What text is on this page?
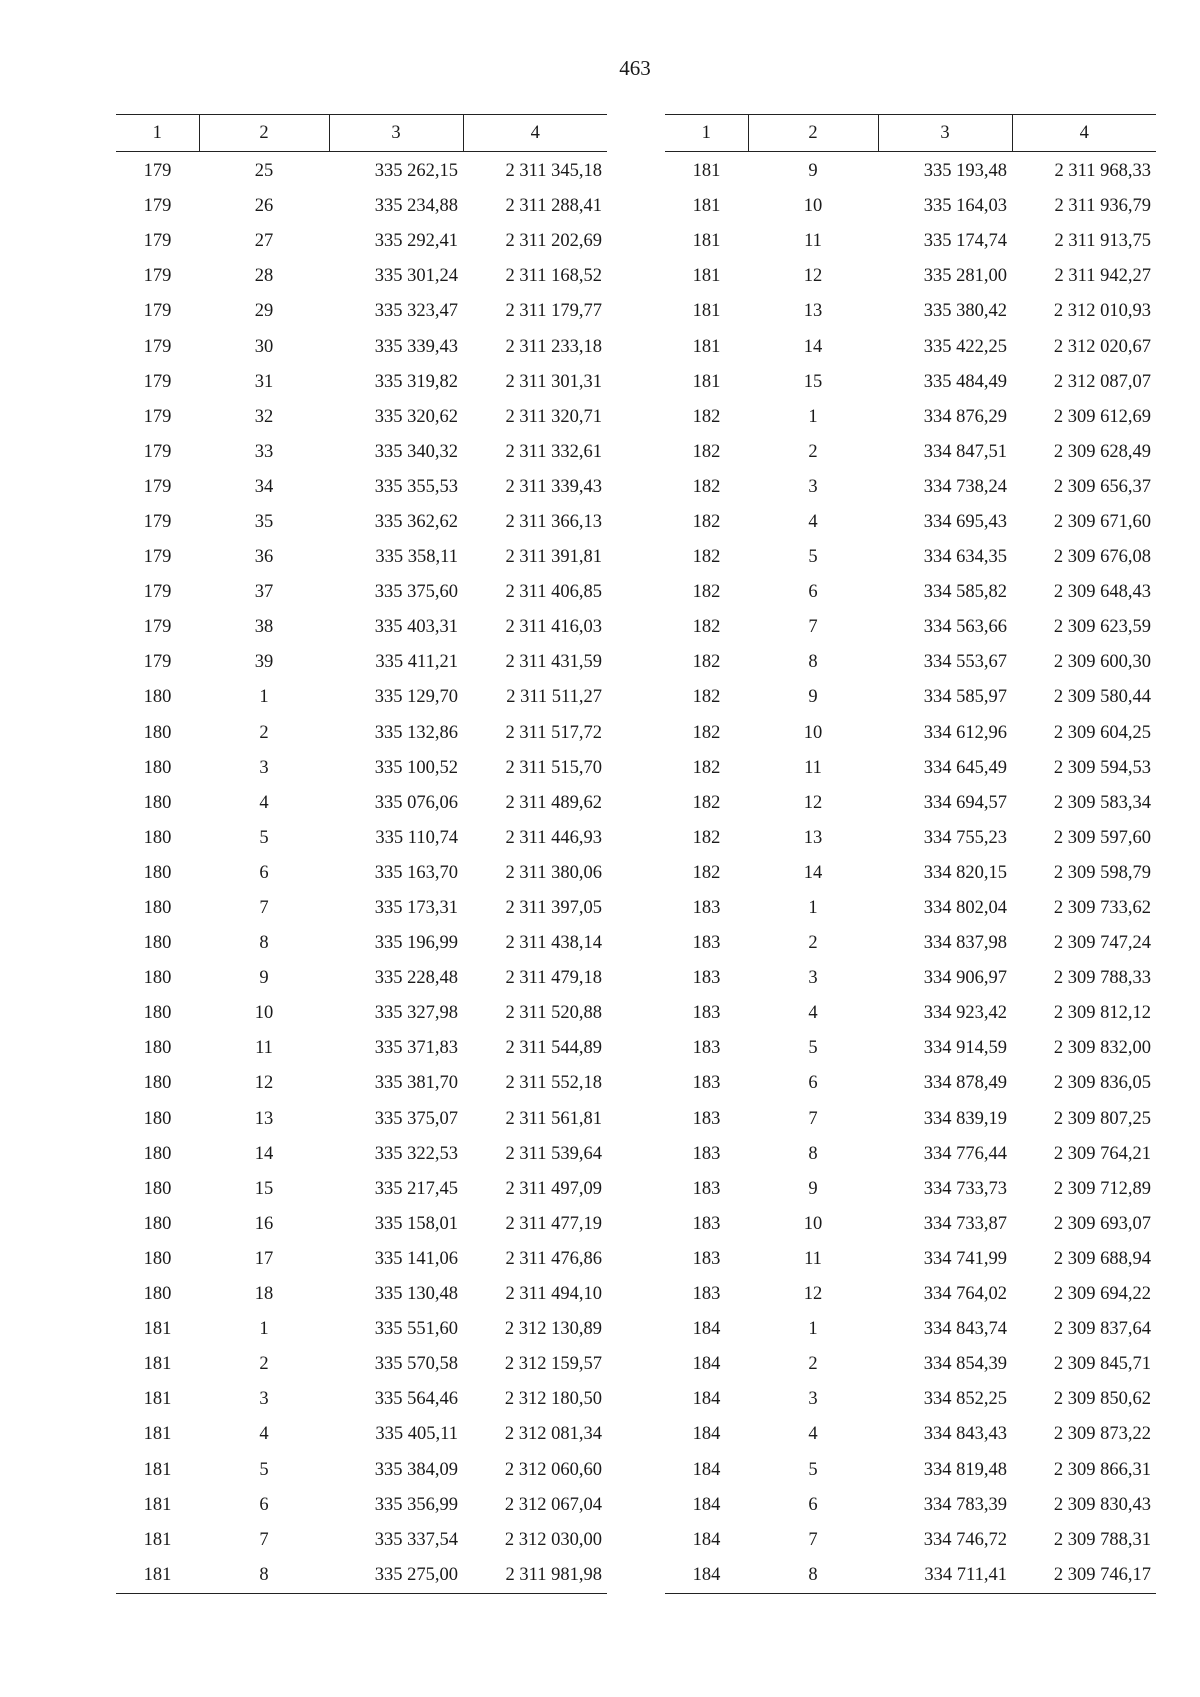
463
1	2	3	4
179	25	335 262,15	2 311 345,18
179	26	335 234,88	2 311 288,41
179	27	335 292,41	2 311 202,69
179	28	335 301,24	2 311 168,52
179	29	335 323,47	2 311 179,77
179	30	335 339,43	2 311 233,18
179	31	335 319,82	2 311 301,31
179	32	335 320,62	2 311 320,71
179	33	335 340,32	2 311 332,61
179	34	335 355,53	2 311 339,43
179	35	335 362,62	2 311 366,13
179	36	335 358,11	2 311 391,81
179	37	335 375,60	2 311 406,85
179	38	335 403,31	2 311 416,03
179	39	335 411,21	2 311 431,59
180	1	335 129,70	2 311 511,27
180	2	335 132,86	2 311 517,72
180	3	335 100,52	2 311 515,70
180	4	335 076,06	2 311 489,62
180	5	335 110,74	2 311 446,93
180	6	335 163,70	2 311 380,06
180	7	335 173,31	2 311 397,05
180	8	335 196,99	2 311 438,14
180	9	335 228,48	2 311 479,18
180	10	335 327,98	2 311 520,88
180	11	335 371,83	2 311 544,89
180	12	335 381,70	2 311 552,18
180	13	335 375,07	2 311 561,81
180	14	335 322,53	2 311 539,64
180	15	335 217,45	2 311 497,09
180	16	335 158,01	2 311 477,19
180	17	335 141,06	2 311 476,86
180	18	335 130,48	2 311 494,10
181	1	335 551,60	2 312 130,89
181	2	335 570,58	2 312 159,57
181	3	335 564,46	2 312 180,50
181	4	335 405,11	2 312 081,34
181	5	335 384,09	2 312 060,60
181	6	335 356,99	2 312 067,04
181	7	335 337,54	2 312 030,00
181	8	335 275,00	2 311 981,98
1	2	3	4
181	9	335 193,48	2 311 968,33
181	10	335 164,03	2 311 936,79
181	11	335 174,74	2 311 913,75
181	12	335 281,00	2 311 942,27
181	13	335 380,42	2 312 010,93
181	14	335 422,25	2 312 020,67
181	15	335 484,49	2 312 087,07
182	1	334 876,29	2 309 612,69
182	2	334 847,51	2 309 628,49
182	3	334 738,24	2 309 656,37
182	4	334 695,43	2 309 671,60
182	5	334 634,35	2 309 676,08
182	6	334 585,82	2 309 648,43
182	7	334 563,66	2 309 623,59
182	8	334 553,67	2 309 600,30
182	9	334 585,97	2 309 580,44
182	10	334 612,96	2 309 604,25
182	11	334 645,49	2 309 594,53
182	12	334 694,57	2 309 583,34
182	13	334 755,23	2 309 597,60
182	14	334 820,15	2 309 598,79
183	1	334 802,04	2 309 733,62
183	2	334 837,98	2 309 747,24
183	3	334 906,97	2 309 788,33
183	4	334 923,42	2 309 812,12
183	5	334 914,59	2 309 832,00
183	6	334 878,49	2 309 836,05
183	7	334 839,19	2 309 807,25
183	8	334 776,44	2 309 764,21
183	9	334 733,73	2 309 712,89
183	10	334 733,87	2 309 693,07
183	11	334 741,99	2 309 688,94
183	12	334 764,02	2 309 694,22
184	1	334 843,74	2 309 837,64
184	2	334 854,39	2 309 845,71
184	3	334 852,25	2 309 850,62
184	4	334 843,43	2 309 873,22
184	5	334 819,48	2 309 866,31
184	6	334 783,39	2 309 830,43
184	7	334 746,72	2 309 788,31
184	8	334 711,41	2 309 746,17
